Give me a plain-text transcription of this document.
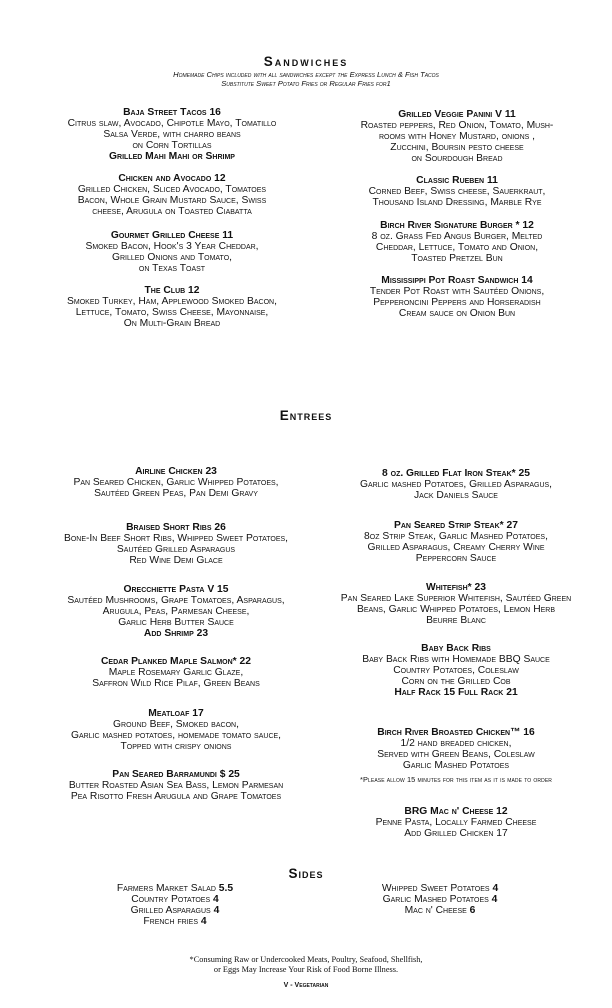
Sandwiches
Homemade Chips included with all sandwiches except the Express Lunch & Fish Tacos
Substitute Sweet Potato Fries or Regular Fries for1
Baja Street Tacos 16
Citrus slaw, Avocado, Chipotle Mayo, Tomatillo
Salsa Verde, with charro beans
on Corn Tortillas
Grilled Mahi Mahi or Shrimp
Chicken and Avocado 12
Grilled Chicken, Sliced Avocado, Tomatoes
Bacon, Whole Grain Mustard Sauce, Swiss
cheese, Arugula on Toasted Ciabatta
Gourmet Grilled Cheese 11
Smoked Bacon, Hook's 3 Year Cheddar,
Grilled Onions and Tomato,
on Texas Toast
The Club 12
Smoked Turkey, Ham, Applewood Smoked Bacon,
Lettuce, Tomato, Swiss Cheese, Mayonnaise,
On Multi-Grain Bread
Grilled Veggie Panini V 11
Roasted peppers, Red Onion, Tomato, Mush-
rooms with Honey Mustard, onions ,
Zucchini, Boursin pesto cheese
on Sourdough Bread
Classic Rueben 11
Corned Beef, Swiss cheese, Sauerkraut,
Thousand Island Dressing, Marble Rye
Birch River Signature Burger * 12
8 oz. Grass Fed Angus Burger, Melted
Cheddar, Lettuce, Tomato and Onion,
Toasted Pretzel Bun
Mississippi Pot Roast Sandwich 14
Tender Pot Roast with Sautéed Onions,
Pepperoncini Peppers and Horseradish
Cream sauce on Onion Bun
Entrees
Airline Chicken 23
Pan Seared Chicken, Garlic Whipped Potatoes,
Sautéed Green Peas, Pan Demi Gravy
Braised Short Ribs 26
Bone-In Beef Short Ribs, Whipped Sweet Potatoes,
Sautéed Grilled Asparagus
Red Wine Demi Glace
Orecchiette Pasta V 15
Sautéed Mushrooms, Grape Tomatoes, Asparagus,
Arugula, Peas, Parmesan Cheese,
Garlic Herb Butter Sauce
Add Shrimp 23
Cedar Planked Maple Salmon* 22
Maple Rosemary Garlic Glaze,
Saffron Wild Rice Pilaf, Green Beans
Meatloaf 17
Ground Beef, Smoked bacon,
Garlic mashed potatoes, homemade tomato sauce,
Topped with crispy onions
Pan Seared Barramundi $ 25
Butter Roasted Asian Sea Bass, Lemon Parmesan
Pea Risotto Fresh Arugula and Grape Tomatoes
8 oz. Grilled Flat Iron Steak* 25
Garlic mashed Potatoes, Grilled Asparagus,
Jack Daniels Sauce
Pan Seared Strip Steak* 27
8oz Strip Steak, Garlic Mashed Potatoes,
Grilled Asparagus, Creamy Cherry Wine
Peppercorn Sauce
Whitefish* 23
Pan Seared Lake Superior Whitefish, Sautéed Green
Beans, Garlic Whipped Potatoes, Lemon Herb
Beurre Blanc
Baby Back Ribs
Baby Back Ribs with Homemade BBQ Sauce
Country Potatoes, Coleslaw
Corn on the Grilled Cob
Half Rack 15 Full Rack 21
Birch River Broasted Chicken™ 16
1/2 hand breaded chicken,
Served with Green Beans, Coleslaw
Garlic Mashed Potatoes
*Please allow 15 minutes for this item as it is made to order
BRG Mac n' Cheese 12
Penne Pasta, Locally Farmed Cheese
Add Grilled Chicken 17
Sides
Farmers Market Salad 5.5
Country Potatoes 4
Grilled Asparagus 4
French fries 4
Whipped Sweet Potatoes 4
Garlic Mashed Potatoes 4
Mac n' Cheese 6
*Consuming Raw or Undercooked Meats, Poultry, Seafood, Shellfish,
or Eggs May Increase Your Risk of Food Borne Illness.
V - Vegetarian
